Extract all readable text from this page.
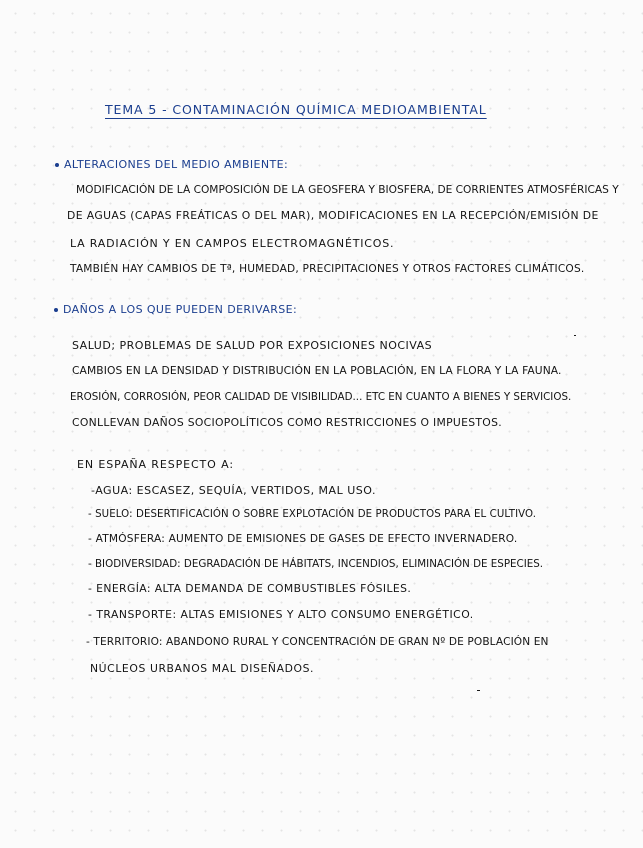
TEMA 5 - CONTAMINACIÓN QUÍMICA MEDIOAMBIENTAL
ALTERACIONES DEL MEDIO AMBIENTE:
MODIFICACIÓN DE LA COMPOSICIÓN DE LA GEOSFERA Y BIOSFERA, DE CORRIENTES ATMOSFÉRICAS Y
DE AGUAS (CAPAS FREÁTICAS O DEL MAR), MODIFICACIONES EN LA RECEPCIÓN/EMISIÓN DE
LA RADIACIÓN Y EN CAMPOS ELECTROMAGNÉTICOS.
TAMBIÉN HAY CAMBIOS DE Tª, HUMEDAD, PRECIPITACIONES Y OTROS FACTORES CLIMÁTICOS.
DAÑOS A LOS QUE PUEDEN DERIVARSE:
SALUD; PROBLEMAS DE SALUD POR EXPOSICIONES NOCIVAS
CAMBIOS EN LA DENSIDAD Y DISTRIBUCIÓN EN LA POBLACIÓN, EN LA FLORA Y LA FAUNA.
EROSIÓN, CORROSIÓN, PEOR CALIDAD DE VISIBILIDAD... ETC EN CUANTO A BIENES Y SERVICIOS.
CONLLEVAN DAÑOS SOCIOPOLÍTICOS COMO RESTRICCIONES O IMPUESTOS.
EN ESPAÑA RESPECTO A:
-AGUA: ESCASEZ, SEQUÍA, VERTIDOS, MAL USO.
- SUELO: DESERTIFICACIÓN O SOBRE EXPLOTACIÓN DE PRODUCTOS PARA EL CULTIVO.
- ATMÓSFERA: AUMENTO DE EMISIONES DE GASES DE EFECTO INVERNADERO.
- BIODIVERSIDAD: DEGRADACIÓN DE HÁBITATS, INCENDIOS, ELIMINACIÓN DE ESPECIES.
- ENERGÍA: ALTA DEMANDA DE COMBUSTIBLES FÓSILES.
- TRANSPORTE: ALTAS EMISIONES Y ALTO CONSUMO ENERGÉTICO.
- TERRITORIO: ABANDONO RURAL Y CONCENTRACIÓN DE GRAN Nº DE POBLACIÓN EN
NÚCLEOS URBANOS MAL DISEÑADOS.
